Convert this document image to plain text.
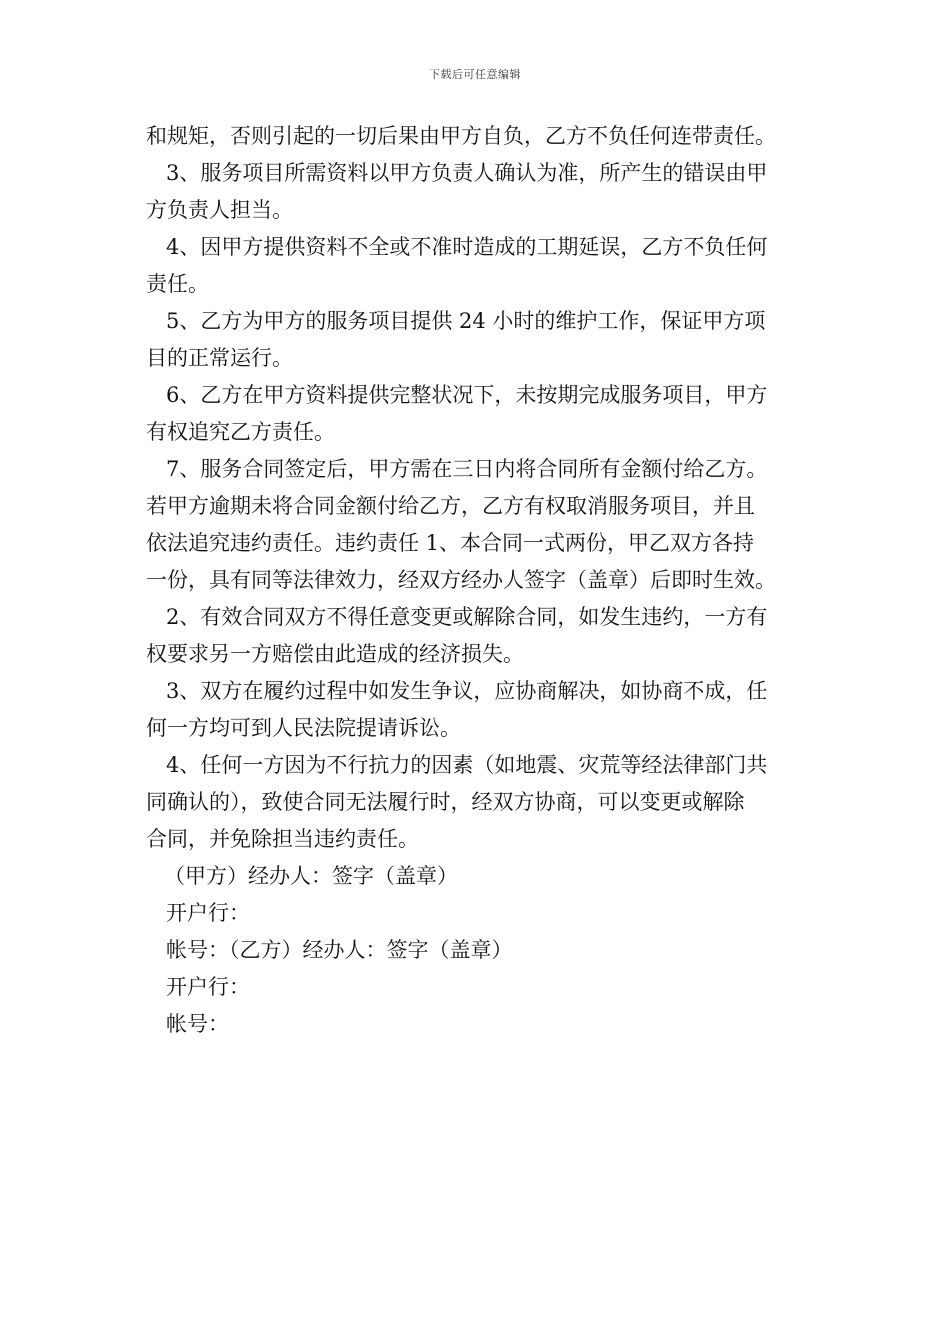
下载后可任意编辑
和规矩，否则引起的一切后果由甲方自负，乙方不负任何连带责任。
3、服务项目所需资料以甲方负责人确认为准，所产生的错误由甲
方负责人担当。
4、因甲方提供资料不全或不准时造成的工期延误，乙方不负任何
责任。
5、乙方为甲方的服务项目提供 24 小时的维护工作，保证甲方项
目的正常运行。
6、乙方在甲方资料提供完整状况下，未按期完成服务项目，甲方
有权追究乙方责任。
7、服务合同签定后，甲方需在三日内将合同所有金额付给乙方。
若甲方逾期未将合同金额付给乙方，乙方有权取消服务项目，并且
依法追究违约责任。违约责任 1、本合同一式两份，甲乙双方各持
一份，具有同等法律效力，经双方经办人签字（盖章）后即时生效。
2、有效合同双方不得任意变更或解除合同，如发生违约，一方有
权要求另一方赔偿由此造成的经济损失。
3、双方在履约过程中如发生争议，应协商解决，如协商不成，任
何一方均可到人民法院提请诉讼。
4、任何一方因为不行抗力的因素（如地震、灾荒等经法律部门共
同确认的），致使合同无法履行时，经双方协商，可以变更或解除
合同，并免除担当违约责任。
（甲方）经办人：签字（盖章）
开户行：
帐号：（乙方）经办人：签字（盖章）
开户行：
帐号：
